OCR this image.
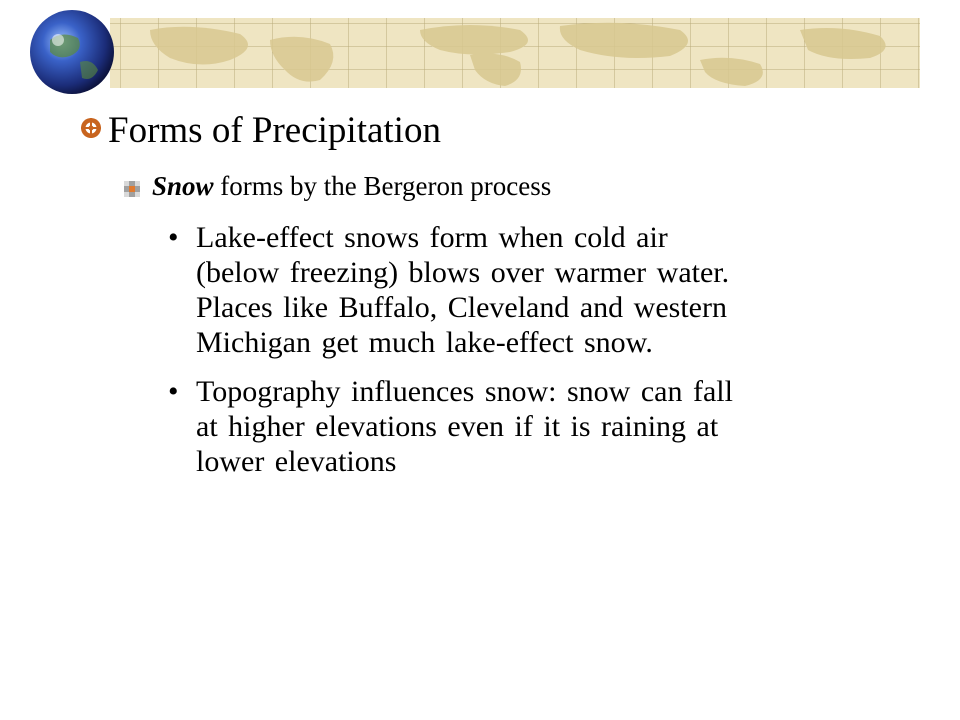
Forms of Precipitation
Snow forms by the Bergeron process
• Lake-effect snows form when cold air
(below freezing) blows over warmer water.
Places like Buffalo, Cleveland and western
Michigan get much lake-effect snow.
• Topography influences snow: snow can fall
at higher elevations even if it is raining at
lower elevations
